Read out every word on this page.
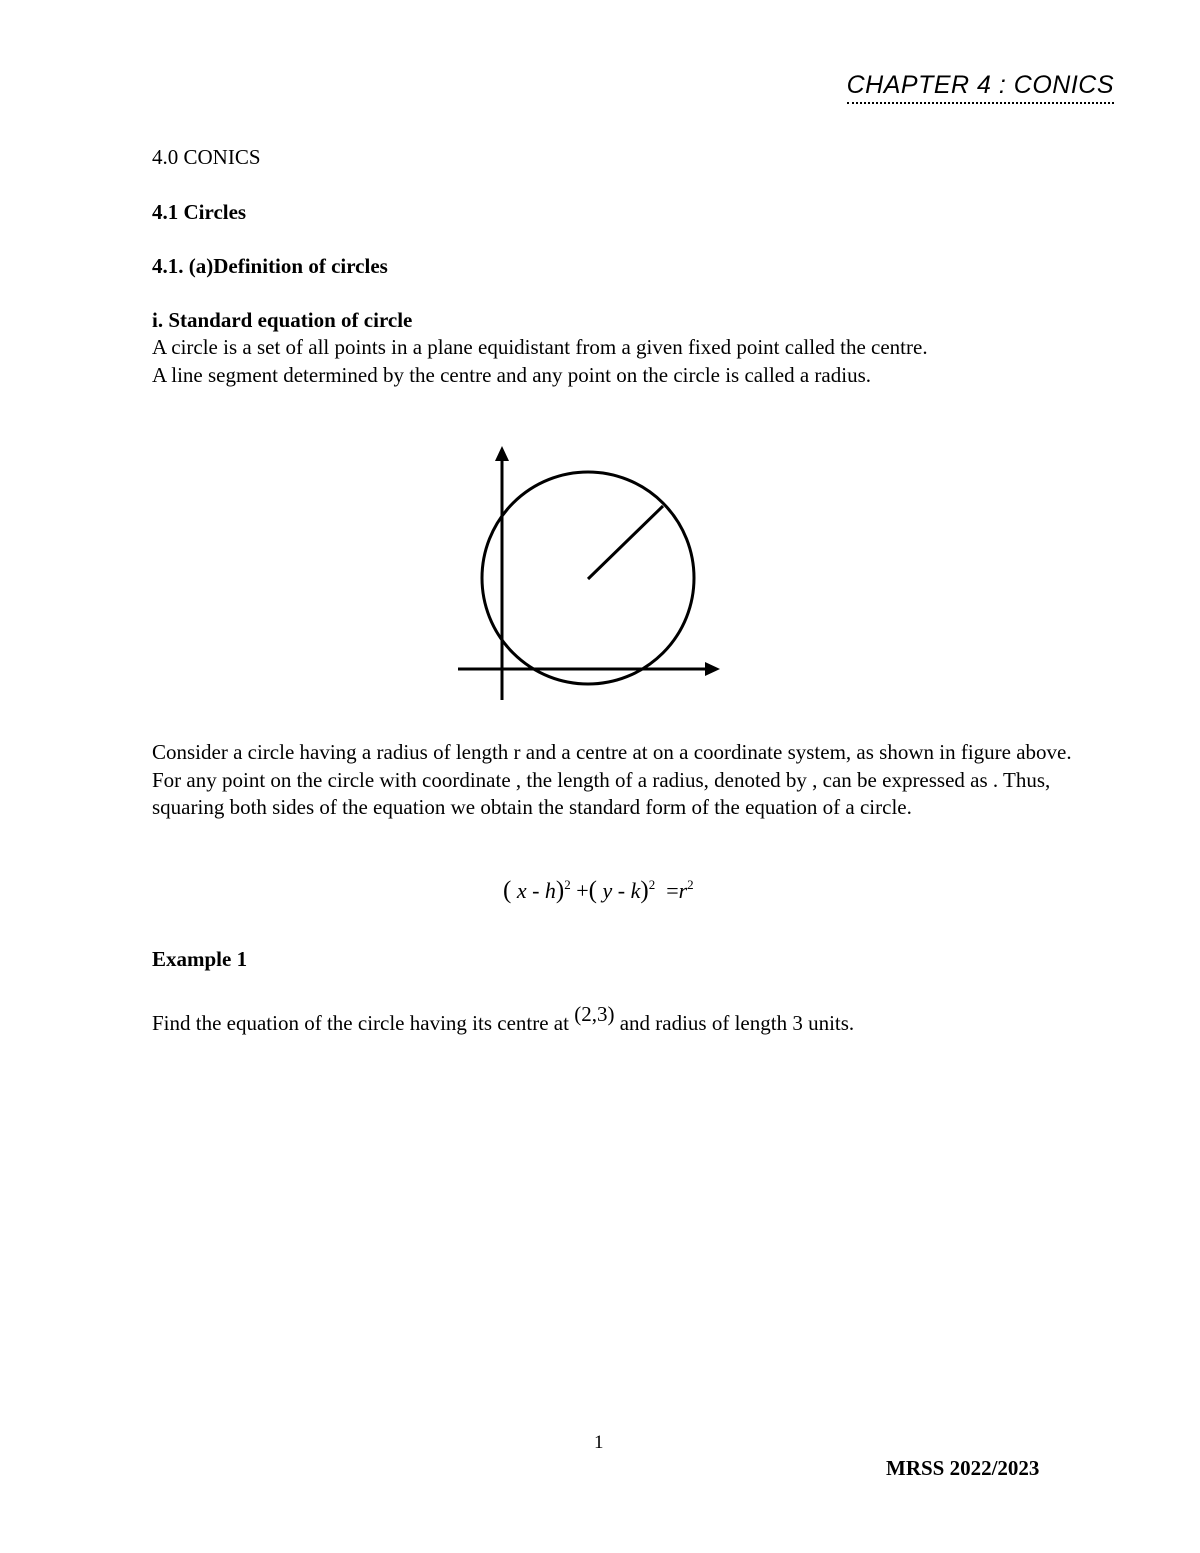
CHAPTER 4 : CONICS
4.0 CONICS
4.1 Circles
4.1. (a)Definition of circles
i. Standard equation of circle

A circle is a set of all points in a plane equidistant from a given fixed point called the centre.

A line segment determined by the centre and any point on the circle is called a radius.

Consider a circle having a radius of length r and a centre at on a coordinate system, as shown in figure above. For any point on the circle with coordinate , the length of a radius, denoted by , can be expressed as . Thus, squaring both sides of the equation we obtain the standard form of the equation of a circle.
( x - h)$^2$ +( $y - k)^2 =r^2$
Example 1
Find the equation of the circle having its centre at (2,3) and radius of length 3 units.
1
MRSS 2022/2023
